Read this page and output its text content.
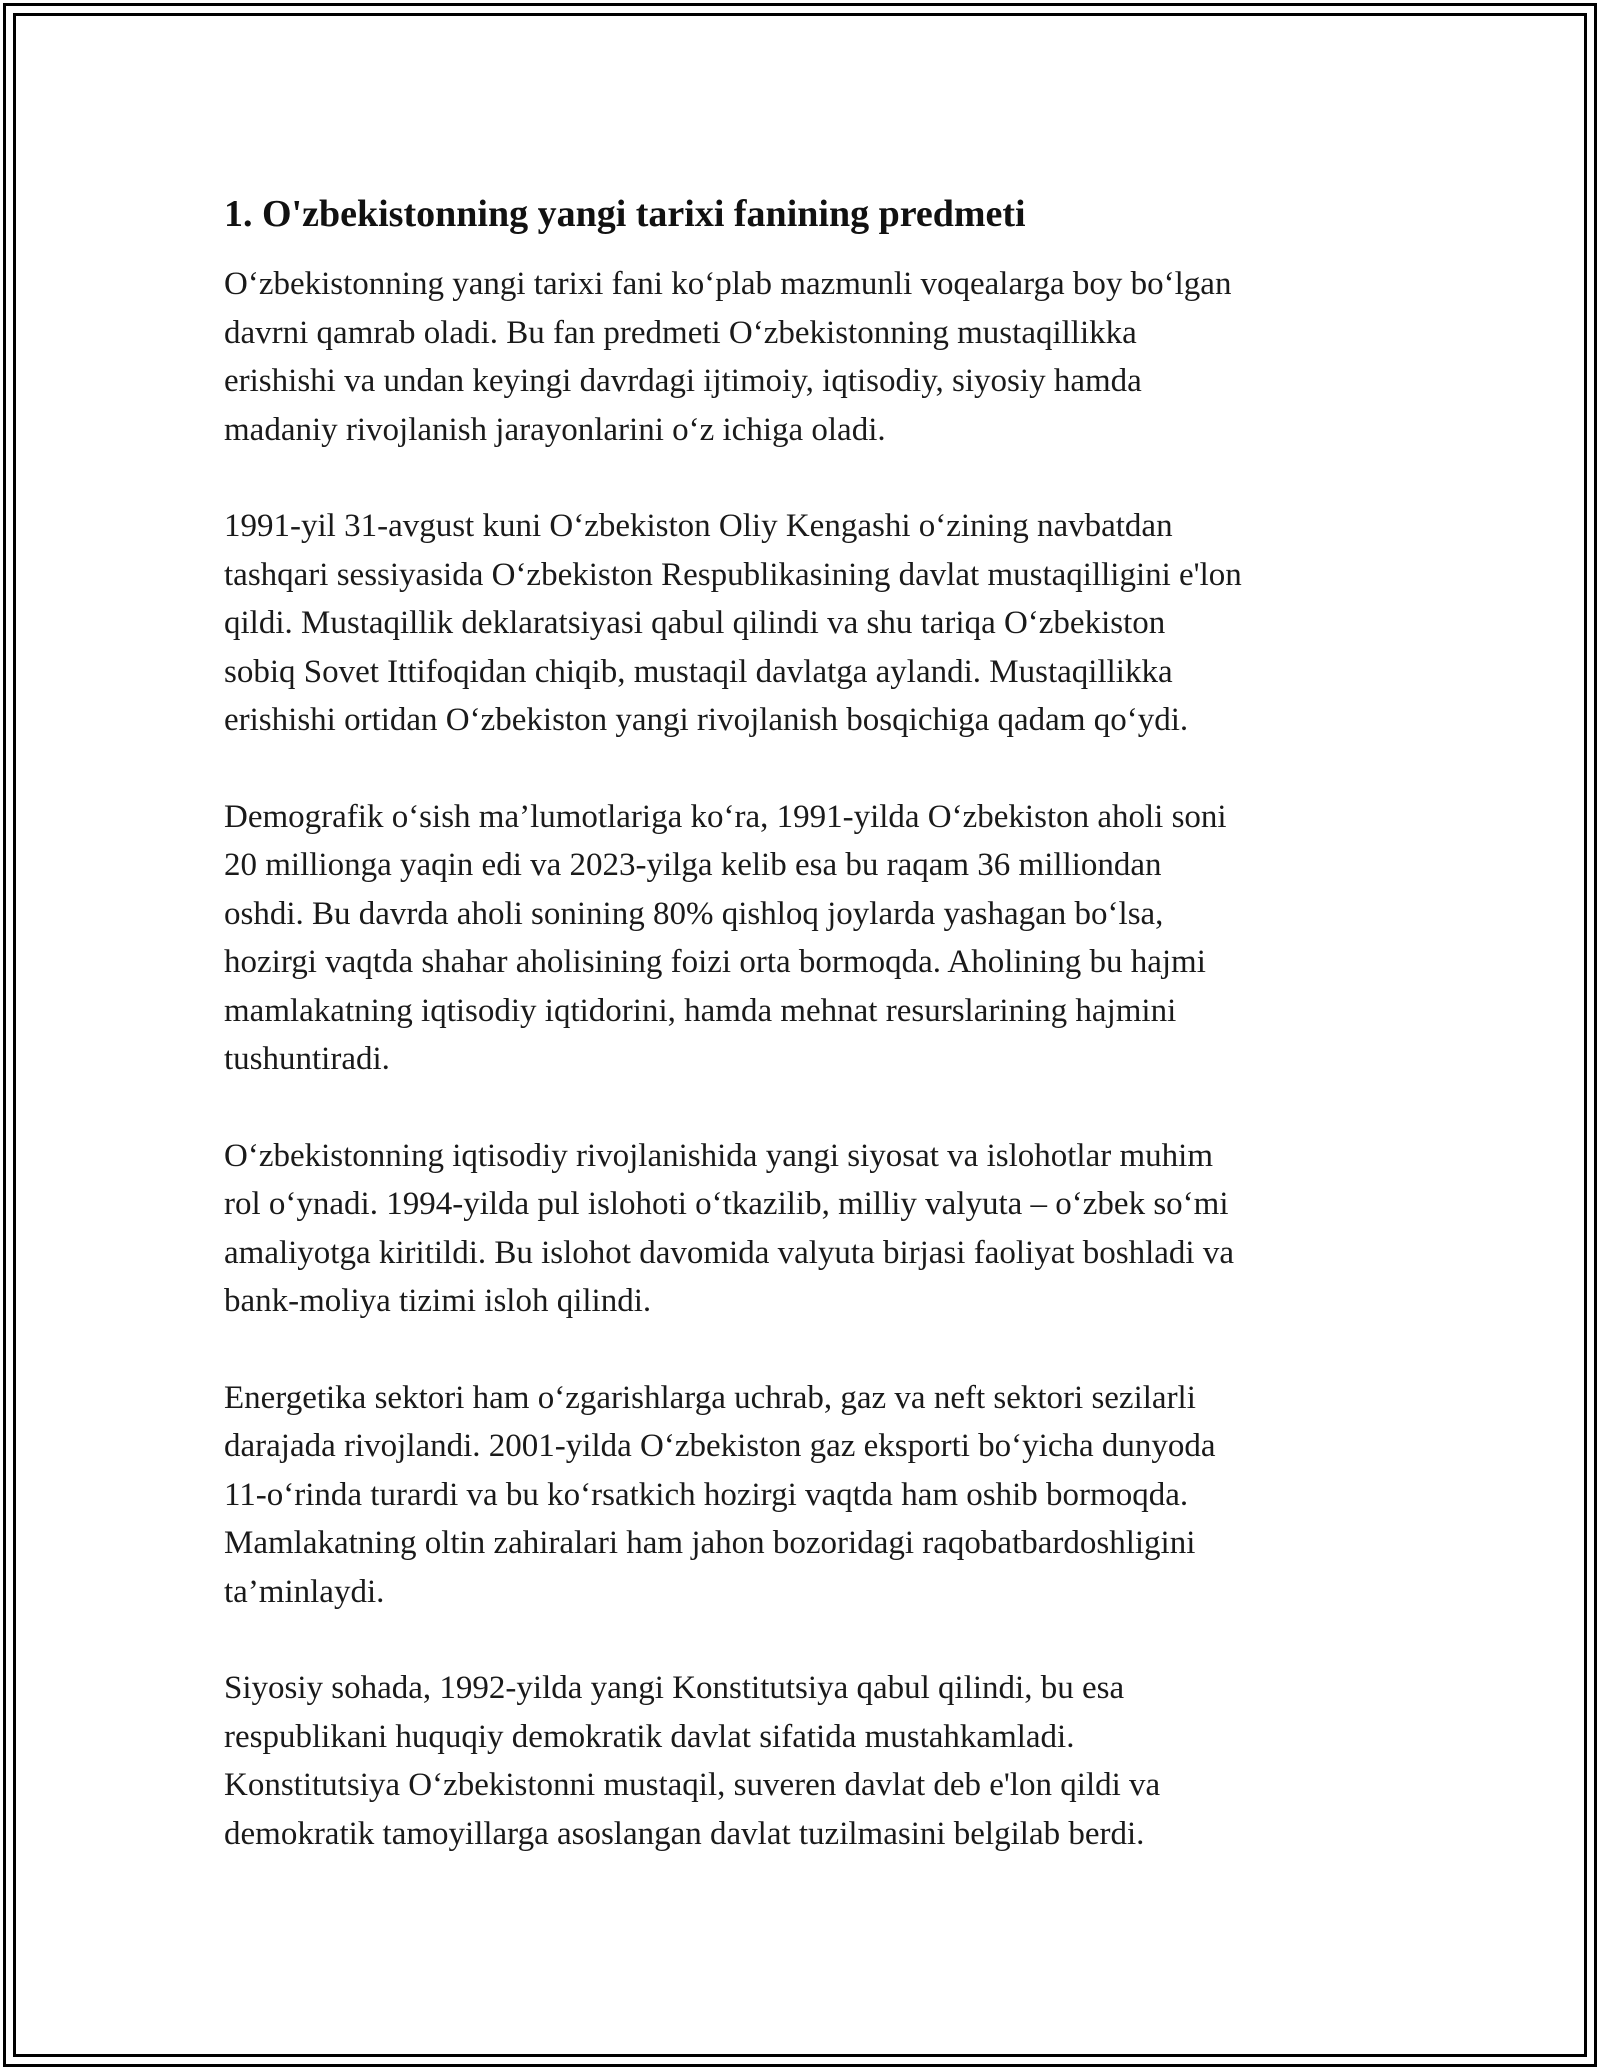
1. O'zbekistonning yangi tarixi fanining predmeti
O‘zbekistonning yangi tarixi fani ko‘plab mazmunli voqealarga boy bo‘lgan
davrni qamrab oladi. Bu fan predmeti O‘zbekistonning mustaqillikka
erishishi va undan keyingi davrdagi ijtimoiy, iqtisodiy, siyosiy hamda
madaniy rivojlanish jarayonlarini o‘z ichiga oladi.
1991-yil 31-avgust kuni O‘zbekiston Oliy Kengashi o‘zining navbatdan
tashqari sessiyasida O‘zbekiston Respublikasining davlat mustaqilligini e'lon
qildi. Mustaqillik deklaratsiyasi qabul qilindi va shu tariqa O‘zbekiston
sobiq Sovet Ittifoqidan chiqib, mustaqil davlatga aylandi. Mustaqillikka
erishishi ortidan O‘zbekiston yangi rivojlanish bosqichiga qadam qo‘ydi.
Demografik o‘sish ma’lumotlariga ko‘ra, 1991-yilda O‘zbekiston aholi soni
20 millionga yaqin edi va 2023-yilga kelib esa bu raqam 36 milliondan
oshdi. Bu davrda aholi sonining 80% qishloq joylarda yashagan bo‘lsa,
hozirgi vaqtda shahar aholisining foizi orta bormoqda. Aholining bu hajmi
mamlakatning iqtisodiy iqtidorini, hamda mehnat resurslarining hajmini
tushuntiradi.
O‘zbekistonning iqtisodiy rivojlanishida yangi siyosat va islohotlar muhim
rol o‘ynadi. 1994-yilda pul islohoti o‘tkazilib, milliy valyuta – o‘zbek so‘mi
amaliyotga kiritildi. Bu islohot davomida valyuta birjasi faoliyat boshladi va
bank-moliya tizimi isloh qilindi.
Energetika sektori ham o‘zgarishlarga uchrab, gaz va neft sektori sezilarli
darajada rivojlandi. 2001-yilda O‘zbekiston gaz eksporti bo‘yicha dunyoda
11-o‘rinda turardi va bu ko‘rsatkich hozirgi vaqtda ham oshib bormoqda.
Mamlakatning oltin zahiralari ham jahon bozoridagi raqobatbardoshligini
ta’minlaydi.
Siyosiy sohada, 1992-yilda yangi Konstitutsiya qabul qilindi, bu esa
respublikani huquqiy demokratik davlat sifatida mustahkamladi.
Konstitutsiya O‘zbekistonni mustaqil, suveren davlat deb e'lon qildi va
demokratik tamoyillarga asoslangan davlat tuzilmasini belgilab berdi.
